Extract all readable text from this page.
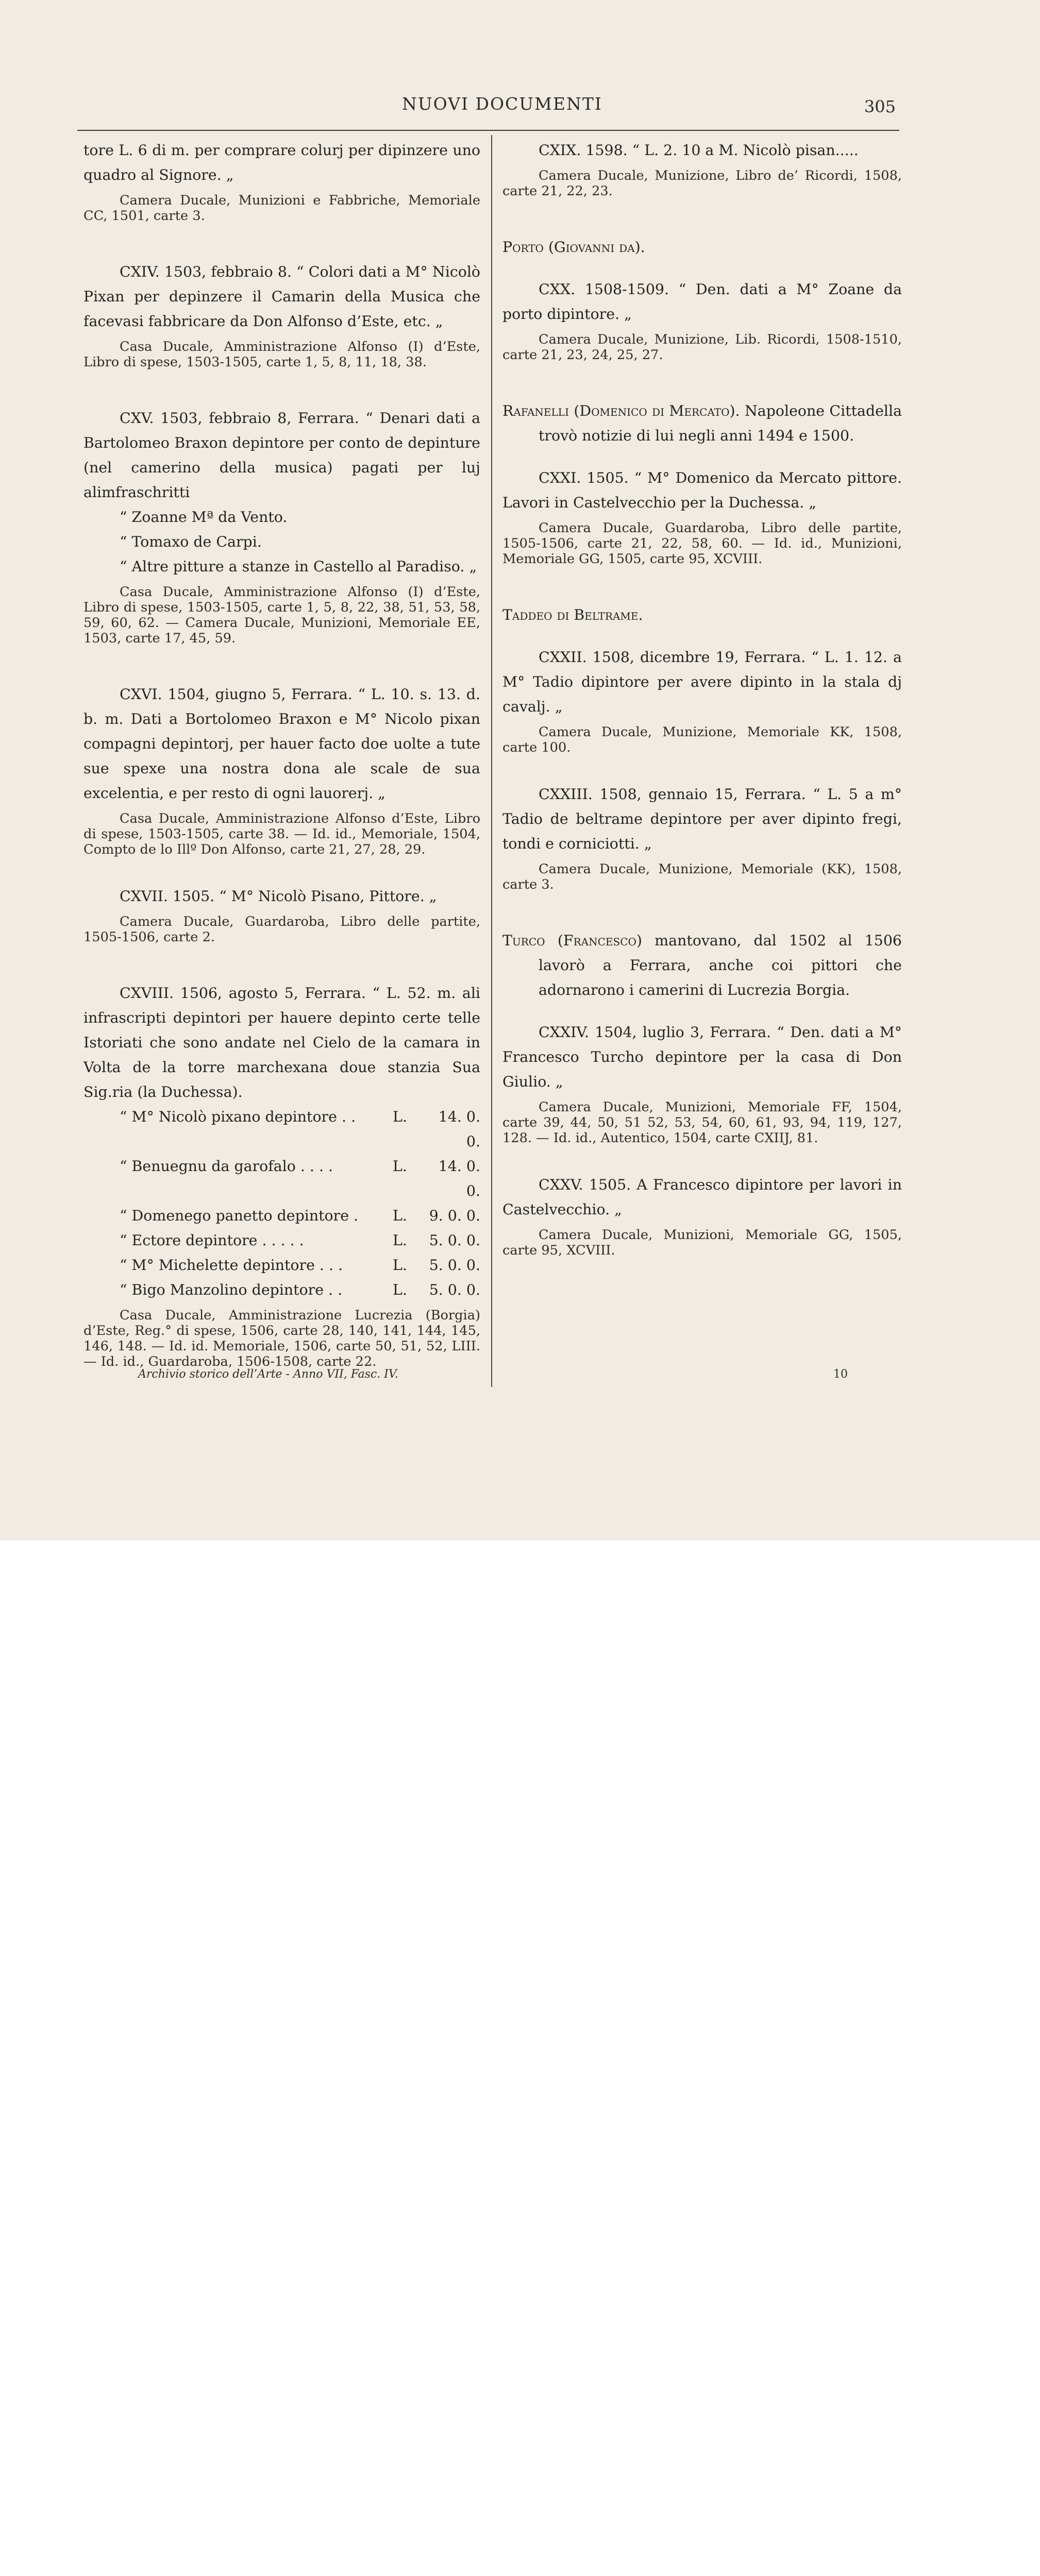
NUOVI DOCUMENTI	305

tore L. 6 di m. per comprare colurj per dipinzere uno quadro al Signore. „

Camera Ducale, Munizioni e Fabbriche, Memoriale CC, 1501, carte 3.

CXIV. 1503, febbraio 8. “ Colori dati a M° Nicolò Pixan per depinzere il Camarin della Musica che facevasi fabbricare da Don Alfonso d’Este, etc. „

Casa Ducale, Amministrazione Alfonso (I) d’Este, Libro di spese, 1503-1505, carte 1, 5, 8, 11, 18, 38.

CXV. 1503, febbraio 8, Ferrara. “ Denari dati a Bartolomeo Braxon depintore per conto de depinture (nel camerino della musica) pagati per luj alimfraschritti

“ Zoanne Mª da Vento.

“ Tomaxo de Carpi.

“ Altre pitture a stanze in Castello al Paradiso. „

Casa Ducale, Amministrazione Alfonso (I) d’Este, Libro di spese, 1503-1505, carte 1, 5, 8, 22, 38, 51, 53, 58, 59, 60, 62. — Camera Ducale, Munizioni, Memoriale EE, 1503, carte 17, 45, 59.

CXVI. 1504, giugno 5, Ferrara. “ L. 10. s. 13. d. b. m. Dati a Bortolomeo Braxon e M° Nicolo pixan compagni depintorj, per hauer facto doe uolte a tute sue spexe una nostra dona ale scale de sua excelentia, e per resto di ogni lauorerj. „

Casa Ducale, Amministrazione Alfonso d’Este, Libro di spese, 1503-1505, carte 38. — Id. id., Memoriale, 1504, Compto de lo Illº Don Alfonso, carte 21, 27, 28, 29.

CXVII. 1505. “ M° Nicolò Pisano, Pittore. „

Camera Ducale, Guardaroba, Libro delle partite, 1505-1506, carte 2.

CXVIII. 1506, agosto 5, Ferrara. “ L. 52. m. ali infrascripti depintori per hauere depinto certe telle Istoriati che sono andate nel Cielo de la camara in Volta de la torre marchexana doue stanzia Sua Sig.ria (la Duchessa).

“ M° Nicolò pixano depintore . .	L.	14. 0. 0.
“ Benuegnu da garofalo . . . .	L.	14. 0. 0.
“ Domenego panetto depintore .	L.	9. 0. 0.
“ Ectore depintore . . . . .	L.	5. 0. 0.
“ M° Michelette depintore . . .	L.	5. 0. 0.
“ Bigo Manzolino depintore . .	L.	5. 0. 0.

Casa Ducale, Amministrazione Lucrezia (Borgia) d’Este, Reg.° di spese, 1506, carte 28, 140, 141, 144, 145, 146, 148. — Id. id. Memoriale, 1506, carte 50, 51, 52, LIII. — Id. id., Guardaroba, 1506-1508, carte 22.

CXIX. 1598. “ L. 2. 10 a M. Nicolò pisan.....

Camera Ducale, Munizione, Libro de’ Ricordi, 1508, carte 21, 22, 23.

Porto (Giovanni da).

CXX. 1508-1509. “ Den. dati a M° Zoane da porto dipintore. „

Camera Ducale, Munizione, Lib. Ricordi, 1508-1510, carte 21, 23, 24, 25, 27.

Rafanelli (Domenico di Mercato). Napoleone Cittadella trovò notizie di lui negli anni 1494 e 1500.

CXXI. 1505. “ M° Domenico da Mercato pittore. Lavori in Castelvecchio per la Duchessa. „

Camera Ducale, Guardaroba, Libro delle partite, 1505-1506, carte 21, 22, 58, 60. — Id. id., Munizioni, Memoriale GG, 1505, carte 95, XCVIII.

Taddeo di Beltrame.

CXXII. 1508, dicembre 19, Ferrara. “ L. 1. 12. a M° Tadio dipintore per avere dipinto in la stala dj cavalj. „

Camera Ducale, Munizione, Memoriale KK, 1508, carte 100.

CXXIII. 1508, gennaio 15, Ferrara. “ L. 5 a m° Tadio de beltrame depintore per aver dipinto fregi, tondi e corniciotti. „

Camera Ducale, Munizione, Memoriale (KK), 1508, carte 3.

Turco (Francesco) mantovano, dal 1502 al 1506 lavorò a Ferrara, anche coi pittori che adornarono i camerini di Lucrezia Borgia.

CXXIV. 1504, luglio 3, Ferrara. “ Den. dati a M° Francesco Turcho depintore per la casa di Don Giulio. „

Camera Ducale, Munizioni, Memoriale FF, 1504, carte 39, 44, 50, 51 52, 53, 54, 60, 61, 93, 94, 119, 127, 128. — Id. id., Autentico, 1504, carte CXIIJ, 81.

CXXV. 1505. A Francesco dipintore per lavori in Castelvecchio. „

Camera Ducale, Munizioni, Memoriale GG, 1505, carte 95, XCVIII.

Archivio storico dell’Arte - Anno VII, Fasc. IV.	10
